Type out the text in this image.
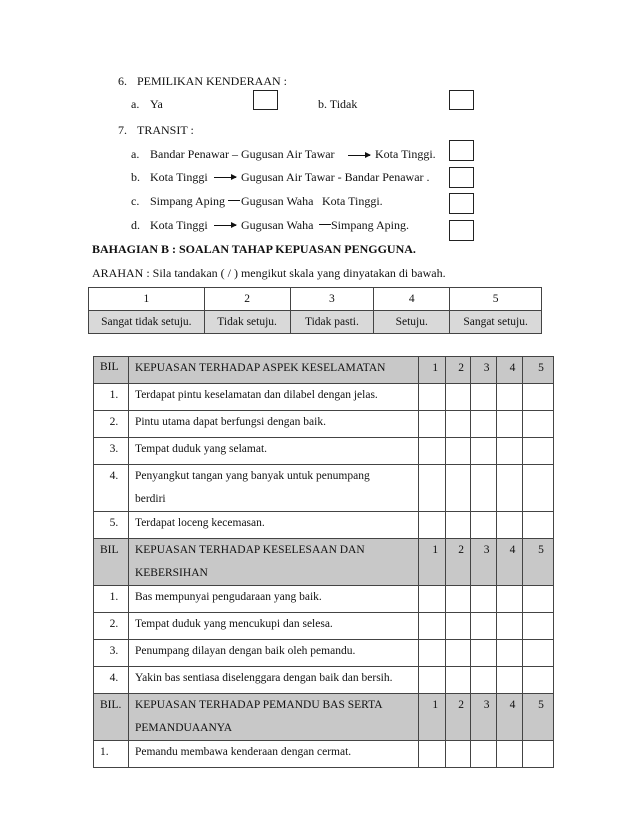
6. PEMILIKAN KENDERAAN :
a. Ya	b. Tidak
7. TRANSIT :
a. Bandar Penawar – Gugusan Air Tawar	Kota Tinggi.
b. Kota Tinggi	Gugusan Air Tawar - Bandar Penawar .
c. Simpang Aping Gugusan Waha Kota Tinggi.
d. Kota Tinggi	Gugusan Waha Simpang Aping.
BAHAGIAN B : SOALAN TAHAP KEPUASAN PENGGUNA.
ARAHAN : Sila tandakan ( / ) mengikut skala yang dinyatakan di bawah.
1	2	3	4	5
Sangat tidak setuju.	Tidak setuju.	Tidak pasti.	Setuju.	Sangat setuju.
BIL	KEPUASAN TERHADAP ASPEK KESELAMATAN	1	2	3	4	5
1.	Terdapat pintu keselamatan dan dilabel dengan jelas.					
2.	Pintu utama dapat berfungsi dengan baik.					
3.	Tempat duduk yang selamat.					
4.	Penyangkut tangan yang banyak untuk penumpang
berdiri					

5.	Terdapat loceng kecemasan.					
BIL	KEPUASAN TERHADAP KESELESAAN DAN
KEBERSIHAN	1	2	3	4	5
1.	Bas mempunyai pengudaraan yang baik.					
2.	Tempat duduk yang mencukupi dan selesa.					
3.	Penumpang dilayan dengan baik oleh pemandu.					
4.	Yakin bas sentiasa diselenggara dengan baik dan bersih.					
BIL.	KEPUASAN TERHADAP PEMANDU BAS SERTA
PEMANDUAANYA	1	2	3	4	5
1.	Pemandu membawa kenderaan dengan cermat.					
